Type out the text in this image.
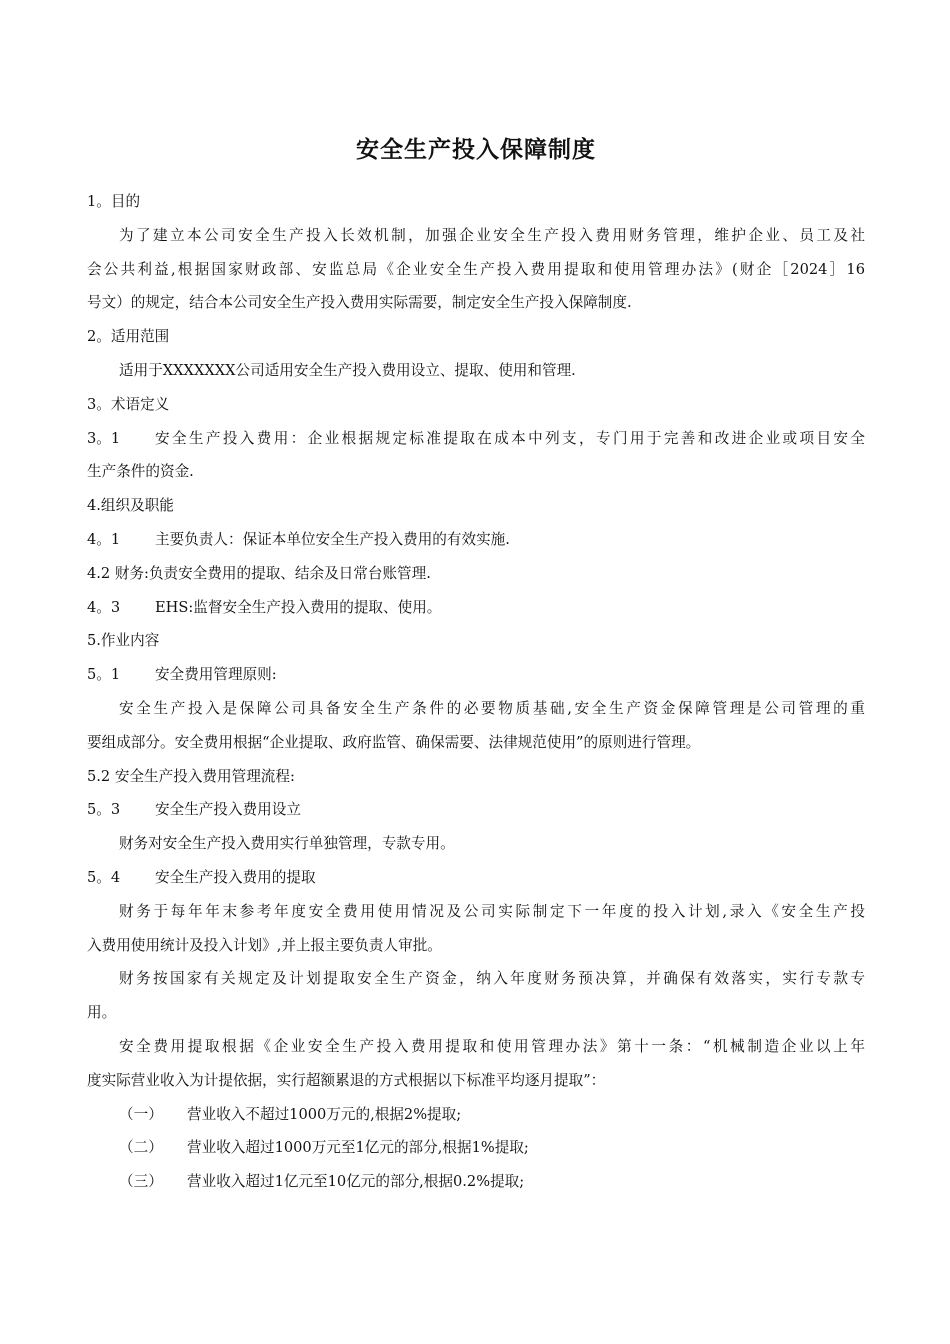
安全生产投入保障制度
1。目的
为了建立本公司安全生产投入长效机制，加强企业安全生产投入费用财务管理，维护企业、员工及社
会公共利益,根据国家财政部、安监总局《企业安全生产投入费用提取和使用管理办法》(财企［2024］16
号文）的规定，结合本公司安全生产投入费用实际需要，制定安全生产投入保障制度.
2。适用范围
适用于XXXXXXX公司适用安全生产投入费用设立、提取、使用和管理.
3。术语定义
3。1 安全生产投入费用：企业根据规定标准提取在成本中列支，专门用于完善和改进企业或项目安全
生产条件的资金.
4.组织及职能
4。1 主要负责人：保证本单位安全生产投入费用的有效实施.
4.2 财务:负责安全费用的提取、结余及日常台账管理.
4。3 EHS:监督安全生产投入费用的提取、使用。
5.作业内容
5。1 安全费用管理原则:
安全生产投入是保障公司具备安全生产条件的必要物质基础,安全生产资金保障管理是公司管理的重
要组成部分。安全费用根据“企业提取、政府监管、确保需要、法律规范使用”的原则进行管理。
5.2 安全生产投入费用管理流程:
5。3 安全生产投入费用设立
财务对安全生产投入费用实行单独管理，专款专用。
5。4 安全生产投入费用的提取
财务于每年年末参考年度安全费用使用情况及公司实际制定下一年度的投入计划,录入《安全生产投
入费用使用统计及投入计划》,并上报主要负责人审批。
财务按国家有关规定及计划提取安全生产资金，纳入年度财务预决算，并确保有效落实，实行专款专
用。
安全费用提取根据《企业安全生产投入费用提取和使用管理办法》第十一条：“机械制造企业以上年
度实际营业收入为计提依据，实行超额累退的方式根据以下标准平均逐月提取”：
（一） 营业收入不超过1000万元的,根据2%提取;
（二） 营业收入超过1000万元至1亿元的部分,根据1%提取;
（三） 营业收入超过1亿元至10亿元的部分,根据0.2%提取;
